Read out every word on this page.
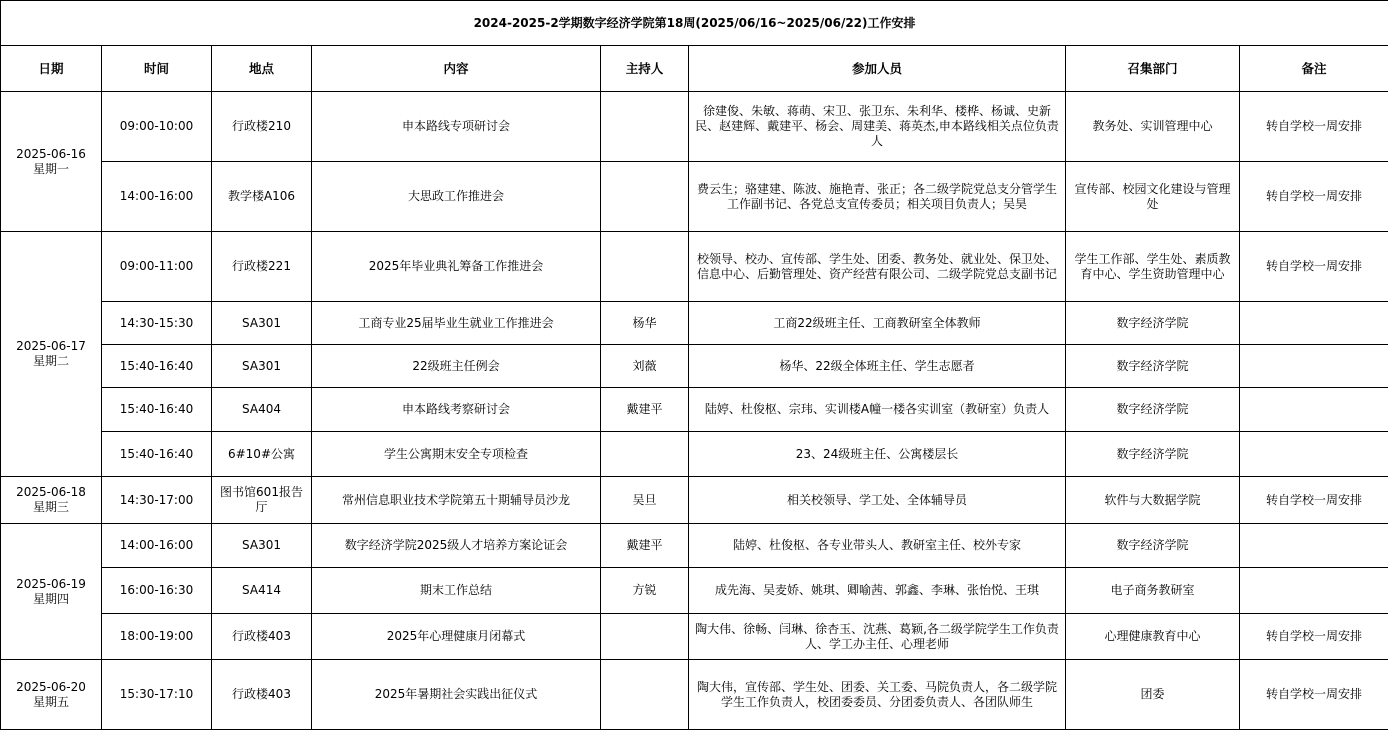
2024-2025-2学期数字经济学院第18周(2025/06/16~2025/06/22)工作安排							
日期	时间	地点	内容	主持人	参加人员	召集部门	备注
2025-06-16
星期一	09:00-10:00	行政楼210	申本路线专项研讨会		徐建俊、朱敏、蒋萌、宋卫、张卫东、朱利华、楼桦、杨诚、史新民、赵建辉、戴建平、杨会、周建美、蒋英杰,申本路线相关点位负责人	教务处、实训管理中心	转自学校一周安排
	14:00-16:00	教学楼A106	大思政工作推进会		费云生；骆建建、陈波、施艳青、张正；各二级学院党总支分管学生工作副书记、各党总支宣传委员；相关项目负责人；吴昊	宣传部、校园文化建设与管理处	转自学校一周安排
2025-06-17
星期二	09:00-11:00	行政楼221	2025年毕业典礼筹备工作推进会		校领导、校办、宣传部、学生处、团委、教务处、就业处、保卫处、信息中心、后勤管理处、资产经营有限公司、二级学院党总支副书记	学生工作部、学生处、素质教育中心、学生资助管理中心	转自学校一周安排
	14:30-15:30	SA301	工商专业25届毕业生就业工作推进会	杨华	工商22级班主任、工商教研室全体教师	数字经济学院	
	15:40-16:40	SA301	22级班主任例会	刘薇	杨华、22级全体班主任、学生志愿者	数字经济学院	
	15:40-16:40	SA404	申本路线考察研讨会	戴建平	陆婷、杜俊枢、宗玮、实训楼A幢一楼各实训室（教研室）负责人	数字经济学院	
	15:40-16:40	6#10#公寓	学生公寓期末安全专项检查		23、24级班主任、公寓楼层长	数字经济学院	
2025-06-18
星期三	14:30-17:00	图书馆601报告厅	常州信息职业技术学院第五十期辅导员沙龙	吴旦	相关校领导、学工处、全体辅导员	软件与大数据学院	转自学校一周安排
2025-06-19
星期四	14:00-16:00	SA301	数字经济学院2025级人才培养方案论证会	戴建平	陆婷、杜俊枢、各专业带头人、教研室主任、校外专家	数字经济学院	
	16:00-16:30	SA414	期末工作总结	方锐	成先海、吴麦娇、姚琪、卿喻茜、郭鑫、李琳、张怡悦、王琪	电子商务教研室	
	18:00-19:00	行政楼403	2025年心理健康月闭幕式		陶大伟、徐畅、闫琳、徐杏玉、沈燕、葛颖,各二级学院学生工作负责人、学工办主任、心理老师	心理健康教育中心	转自学校一周安排
2025-06-20
星期五	15:30-17:10	行政楼403	2025年暑期社会实践出征仪式		陶大伟，宣传部、学生处、团委、关工委、马院负责人，各二级学院学生工作负责人，校团委委员、分团委负责人、各团队师生	团委	转自学校一周安排
